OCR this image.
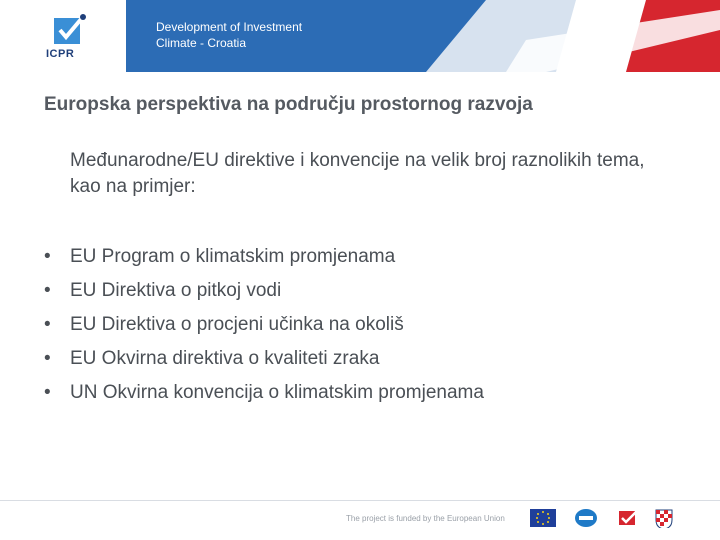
ICPR
Development of Investment
Climate - Croatia
Europska perspektiva na području prostornog razvoja
Međunarodne/EU direktive i konvencije na velik broj raznolikih tema, kao na primjer:
• EU Program o klimatskim promjenama
• EU Direktiva o pitkoj vodi
• EU Direktiva o procjeni učinka na okoliš
• EU Okvirna direktiva o kvaliteti zraka
• UN Okvirna konvencija o klimatskim promjenama
The project is funded by the European Union
